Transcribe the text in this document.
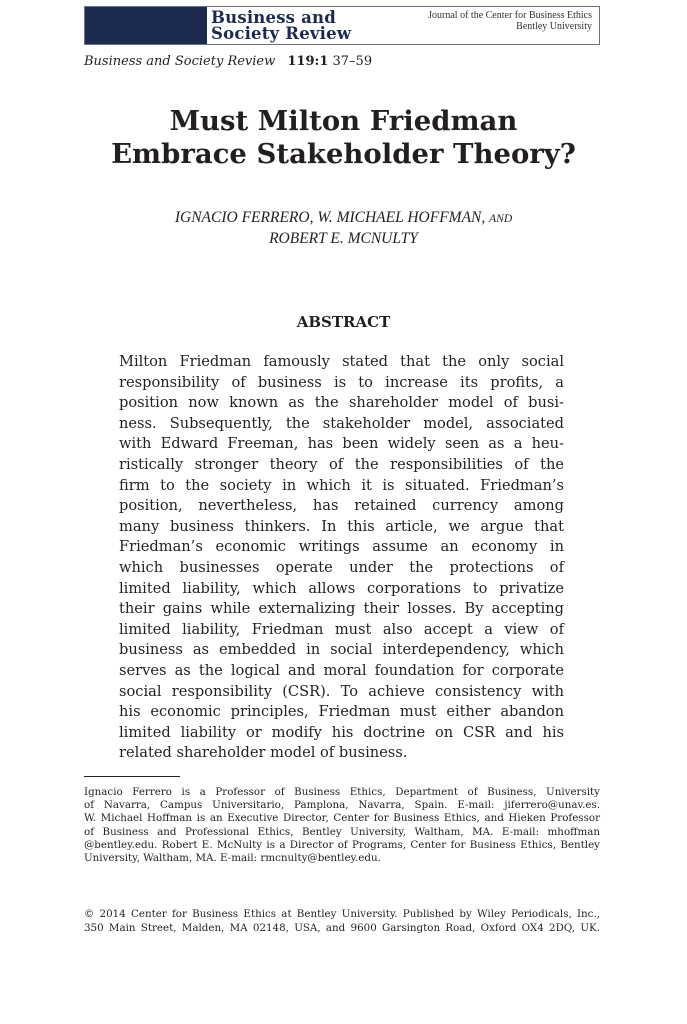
Business and
Society Review
Journal of the Center for Business Ethics
Bentley University
Business and Society Review 119:1 37–59
Must Milton Friedman
Embrace Stakeholder Theory?
IGNACIO FERRERO, W. MICHAEL HOFFMAN, AND
ROBERT E. MCNULTY
ABSTRACT
Milton Friedman famously stated that the only social
responsibility of business is to increase its profits, a
position now known as the shareholder model of busi-
ness. Subsequently, the stakeholder model, associated
with Edward Freeman, has been widely seen as a heu-
ristically stronger theory of the responsibilities of the
firm to the society in which it is situated. Friedman’s
position, nevertheless, has retained currency among
many business thinkers. In this article, we argue that
Friedman’s economic writings assume an economy in
which businesses operate under the protections of
limited liability, which allows corporations to privatize
their gains while externalizing their losses. By accepting
limited liability, Friedman must also accept a view of
business as embedded in social interdependency, which
serves as the logical and moral foundation for corporate
social responsibility (CSR). To achieve consistency with
his economic principles, Friedman must either abandon
limited liability or modify his doctrine on CSR and his
related shareholder model of business.
Ignacio Ferrero is a Professor of Business Ethics, Department of Business, University
of Navarra, Campus Universitario, Pamplona, Navarra, Spain. E-mail: jiferrero@unav.es.
W. Michael Hoffman is an Executive Director, Center for Business Ethics, and Hieken Professor
of Business and Professional Ethics, Bentley University, Waltham, MA. E-mail: mhoffman
@bentley.edu. Robert E. McNulty is a Director of Programs, Center for Business Ethics, Bentley
University, Waltham, MA. E-mail: rmcnulty@bentley.edu.
© 2014 Center for Business Ethics at Bentley University. Published by Wiley Periodicals, Inc.,
350 Main Street, Malden, MA 02148, USA, and 9600 Garsington Road, Oxford OX4 2DQ, UK.
